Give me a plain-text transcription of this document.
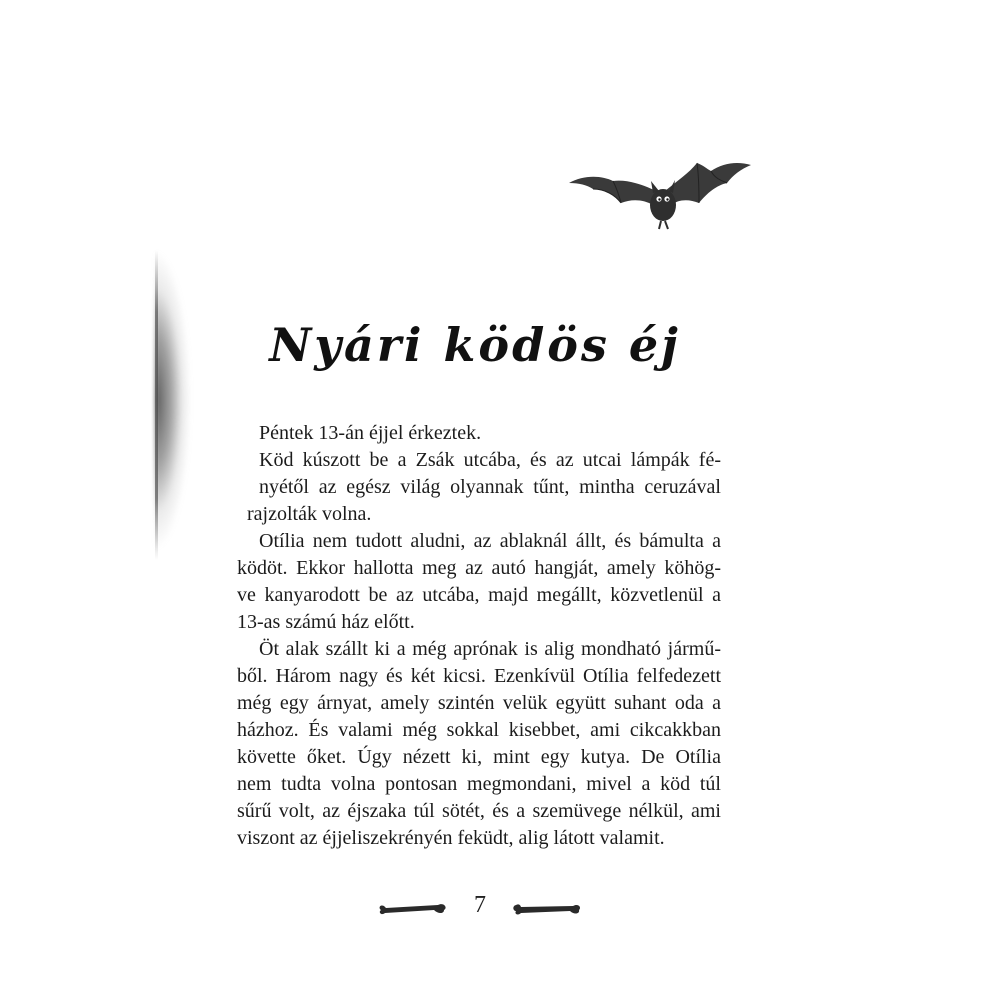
Nyári ködös éj
Péntek 13-án éjjel érkeztek.
Köd kúszott be a Zsák utcába, és az utcai lámpák fé-
nyétől az egész világ olyannak tűnt, mintha ceruzával
rajzolták volna.
Otília nem tudott aludni, az ablaknál állt, és bámulta a
ködöt. Ekkor hallotta meg az autó hangját, amely köhög-
ve kanyarodott be az utcába, majd megállt, közvetlenül a
13-as számú ház előtt.
Öt alak szállt ki a még aprónak is alig mondható jármű-
ből. Három nagy és két kicsi. Ezenkívül Otília felfedezett
még egy árnyat, amely szintén velük együtt suhant oda a
házhoz. És valami még sokkal kisebbet, ami cikcakkban
követte őket. Úgy nézett ki, mint egy kutya. De Otília
nem tudta volna pontosan megmondani, mivel a köd túl
sűrű volt, az éjszaka túl sötét, és a szemüvege nélkül, ami
viszont az éjjeliszekrényén feküdt, alig látott valamit.
7
